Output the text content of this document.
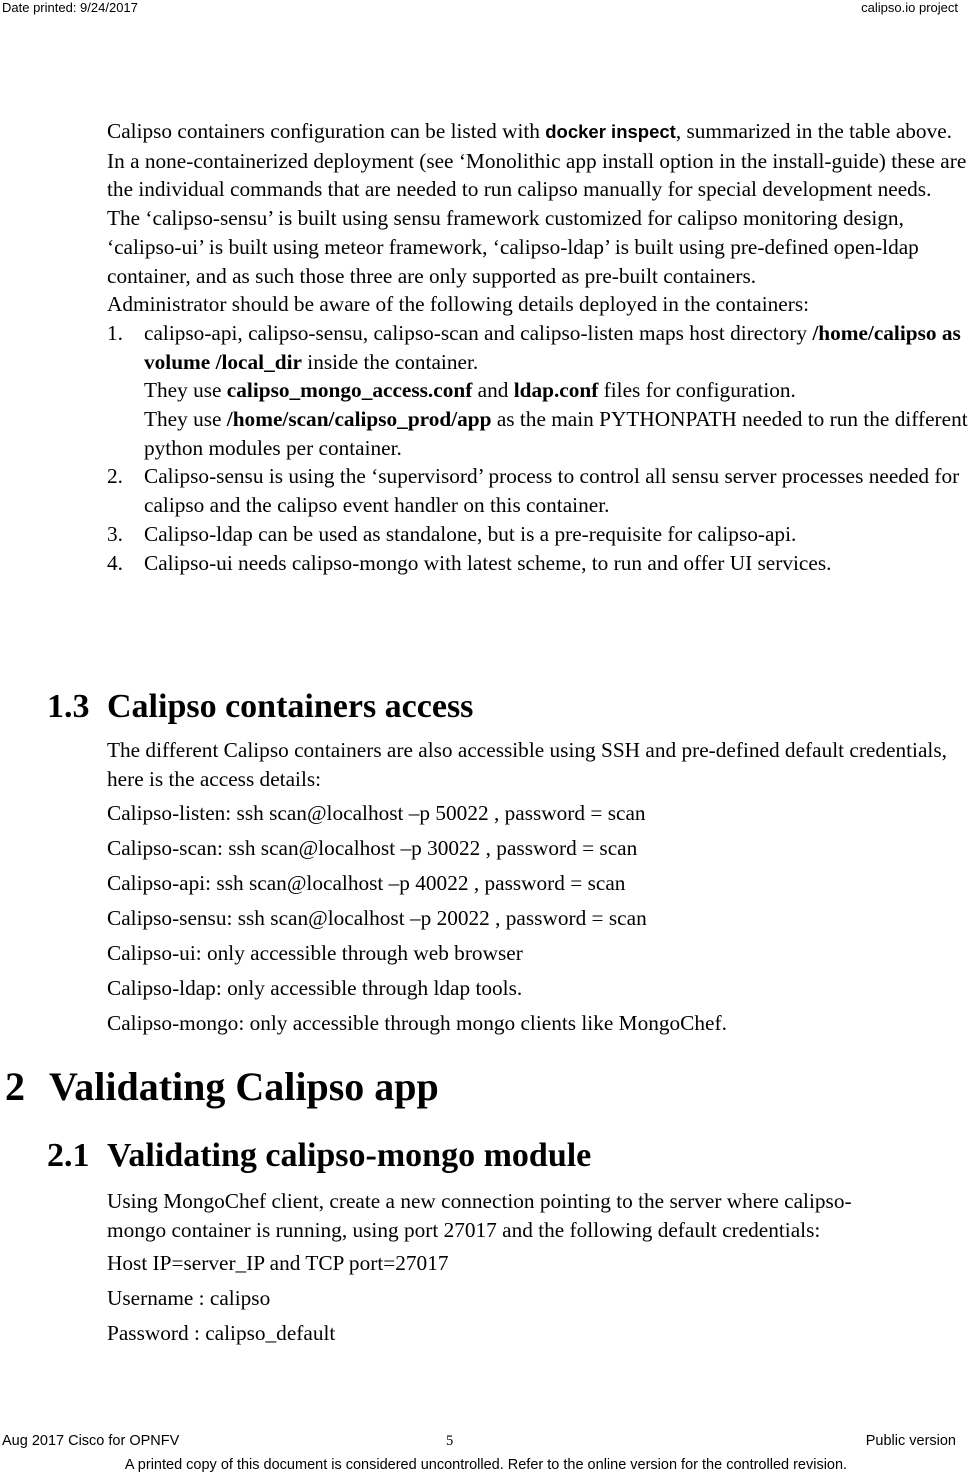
Date printed: 9/24/2017	calipso.io project

Calipso containers configuration can be listed with docker inspect, summarized in the table above. In a none-containerized deployment (see ‘Monolithic app install option in the install-guide) these are the individual commands that are needed to run calipso manually for special development needs.

The ‘calipso-sensu’ is built using sensu framework customized for calipso monitoring design, ‘calipso-ui’ is built using meteor framework, ‘calipso-ldap’ is built using pre-defined open-ldap container, and as such those three are only supported as pre-built containers.

Administrator should be aware of the following details deployed in the containers:

1. calipso-api, calipso-sensu, calipso-scan and calipso-listen maps host directory /home/calipso as volume /local_dir inside the container.
They use calipso_mongo_access.conf and ldap.conf files for configuration.
They use /home/scan/calipso_prod/app as the main PYTHONPATH needed to run the different python modules per container.
2. Calipso-sensu is using the ‘supervisord’ process to control all sensu server processes needed for calipso and the calipso event handler on this container.
3. Calipso-ldap can be used as standalone, but is a pre-requisite for calipso-api.
4. Calipso-ui needs calipso-mongo with latest scheme, to run and offer UI services.
1.3 Calipso containers access

The different Calipso containers are also accessible using SSH and pre-defined default credentials, here is the access details:

Calipso-listen: ssh scan@localhost –p 50022 , password = scan
Calipso-scan: ssh scan@localhost –p 30022 , password = scan
Calipso-api: ssh scan@localhost –p 40022 , password = scan
Calipso-sensu: ssh scan@localhost –p 20022 , password = scan
Calipso-ui: only accessible through web browser
Calipso-ldap: only accessible through ldap tools.
Calipso-mongo: only accessible through mongo clients like MongoChef.
2 Validating Calipso app
2.1 Validating calipso-mongo module

Using MongoChef client, create a new connection pointing to the server where calipso-mongo container is running, using port 27017 and the following default credentials:

Host IP=server_IP and TCP port=27017
Username : calipso
Password : calipso_default
Aug 2017 Cisco for OPNFV	5	Public version
A printed copy of this document is considered uncontrolled. Refer to the online version for the controlled revision.
